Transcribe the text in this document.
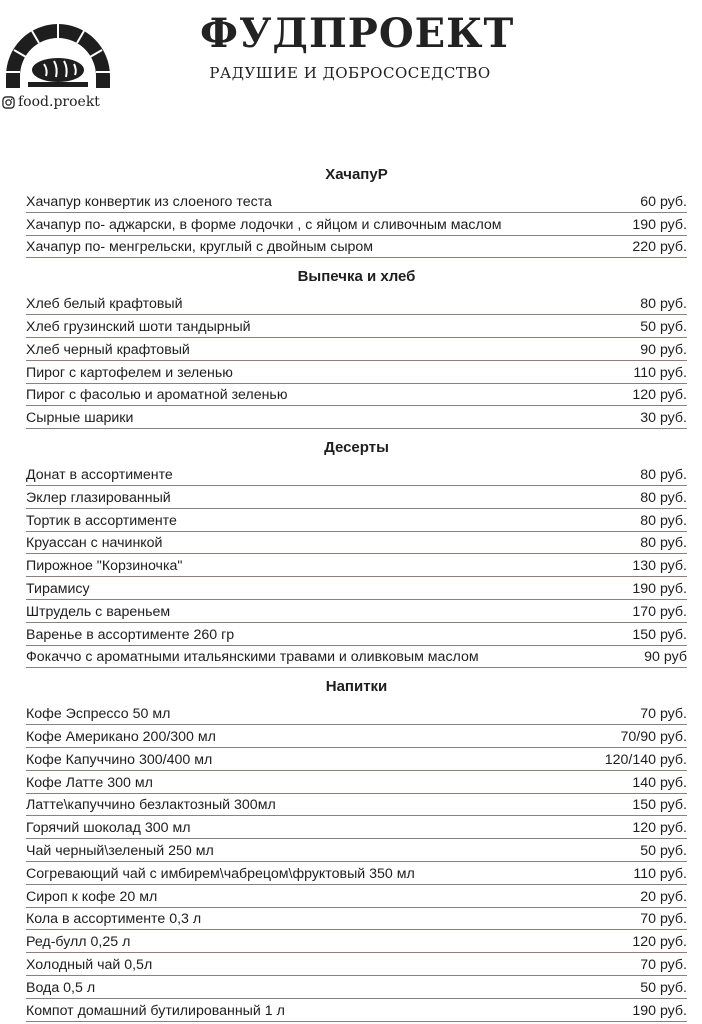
food.proekt
ФУДПРОЕКТ
РАДУШИЕ И ДОБРОСОСЕДСТВО
ХачапуР
Хачапур конвертик из слоеного теста	60 руб.
Хачапур по- аджарски, в форме лодочки , с яйцом и сливочным маслом	190 руб.
Хачапур по- менгрельски, круглый с двойным сыром	220 руб.
Выпечка и хлеб
Хлеб белый крафтовый	80 руб.
Хлеб грузинский шоти тандырный	50 руб.
Хлеб черный крафтовый	90 руб.
Пирог с картофелем и зеленью	110 руб.
Пирог с фасолью и ароматной зеленью	120 руб.
Сырные шарики	30 руб.
Десерты
Донат в ассортименте	80 руб.
Эклер глазированный	80 руб.
Тортик в ассортименте	80 руб.
Круассан с начинкой	80 руб.
Пирожное "Корзиночка"	130 руб.
Тирамису	190 руб.
Штрудель с вареньем	170 руб.
Варенье в ассортименте 260 гр	150 руб.
Фокаччо с ароматными итальянскими травами и оливковым маслом	90 руб
Напитки
Кофе Эспрессо 50 мл	70 руб.
Кофе Американо 200/300 мл	70/90 руб.
Кофе Капуччино 300/400 мл	120/140 руб.
Кофе Латте 300 мл	140 руб.
Латте\капуччино безлактозный 300мл	150 руб.
Горячий шоколад 300 мл	120 руб.
Чай черный\зеленый 250 мл	50 руб.
Согревающий чай с имбирем\чабрецом\фруктовый 350 мл	110 руб.
Сироп к кофе 20 мл	20 руб.
Кола в ассортименте 0,3 л	70 руб.
Ред-булл 0,25 л	120 руб.
Холодный чай 0,5л	70 руб.
Вода 0,5 л	50 руб.
Компот домашний бутилированный 1 л	190 руб.
